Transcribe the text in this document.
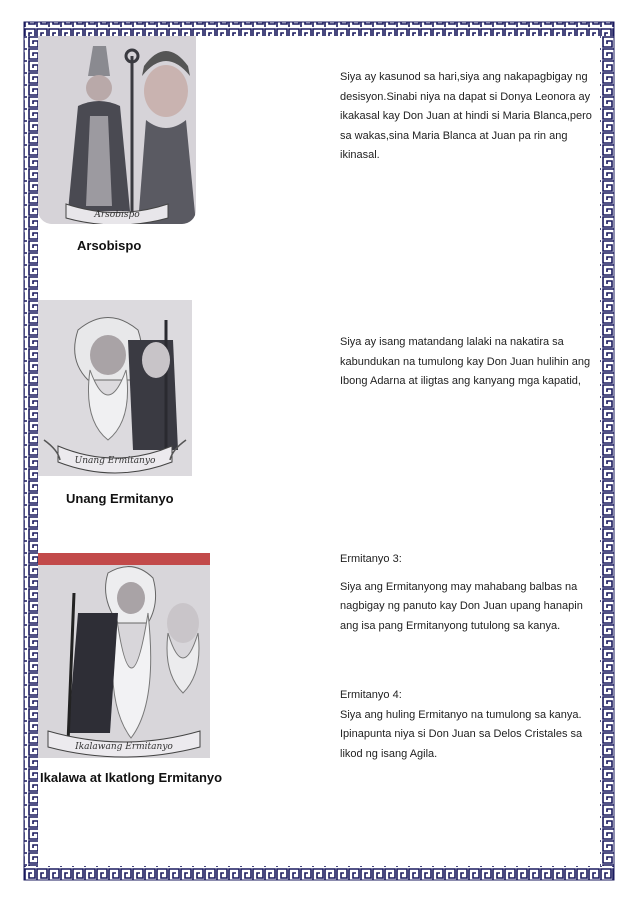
Arsobispo
Arsobispo

Siya ay kasunod sa hari,siya ang nakapagbigay ng desisyon.Sinabi niya na dapat si Donya Leonora ay ikakasal kay Don Juan at hindi si Maria Blanca,pero sa wakas,sina Maria Blanca at Juan pa rin ang ikinasal.

Unang Ermitanyo
Unang Ermitanyo

Siya ay isang matandang lalaki na nakatira sa kabundukan na tumulong kay Don Juan hulihin ang Ibong Adarna at iligtas ang kanyang mga kapatid,

Ikalawang Ermitanyo
Ikalawa at Ikatlong Ermitanyo

Ermitanyo 3:

Siya ang Ermitanyong may mahabang balbas na nagbigay ng panuto kay Don Juan upang hanapin ang isa pang Ermitanyong tutulong sa kanya.

Ermitanyo 4:

Siya ang huling Ermitanyo na tumulong sa kanya. Ipinapunta niya si Don Juan sa Delos Cristales sa likod ng isang Agila.
